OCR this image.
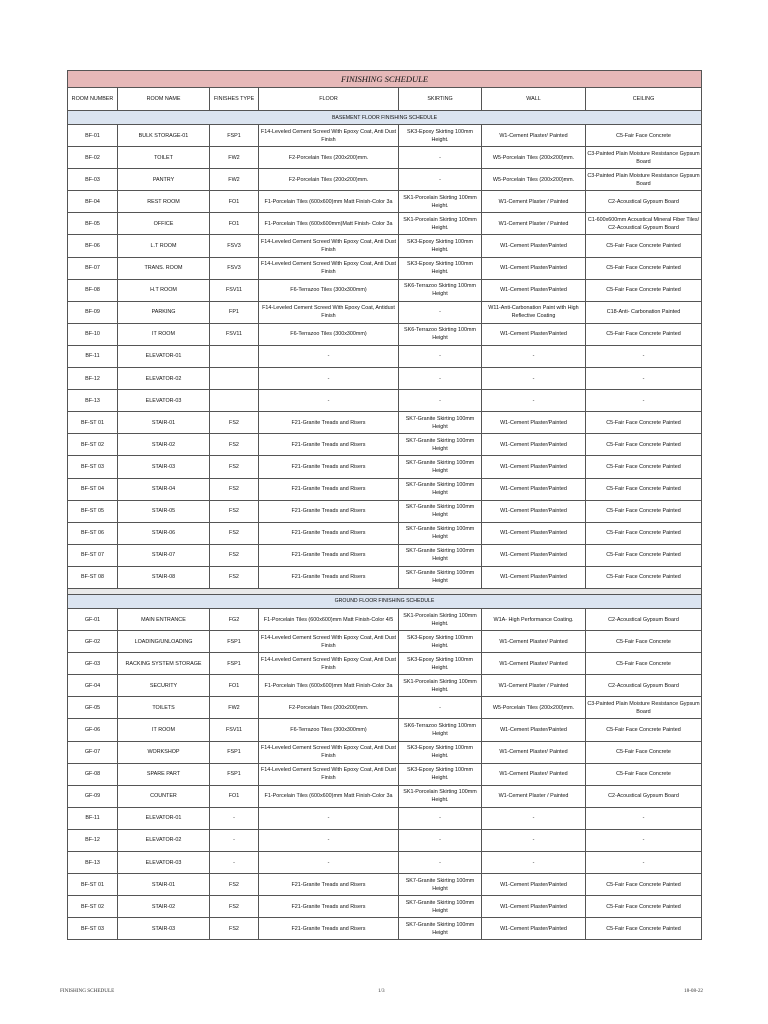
FINISHING SCHEDULE						
ROOM NUMBER	ROOM NAME	FINISHES TYPE	FLOOR	SKIRTING	WALL	CEILING
BASEMENT FLOOR FINISHING SCHEDULE						
BF-01	BULK STORAGE-01	FSP1	F14-Leveled Cement Screed With Epoxy Coat, Anti Dust Finish	SK3-Epoxy Skirting 100mm Height.	W1-Cement Plaster/ Painted	C5-Fair Face Concrete
BF-02	TOILET	FW2	F2-Porcelain Tiles (200x200)mm.	-	W5-Porcelain Tiles (200x200)mm.	C3-Painted Plain Moisture Resistance Gypsum Board
BF-03	PANTRY	FW2	F2-Porcelain Tiles (200x200)mm.	-	W5-Porcelain Tiles (200x200)mm.	C3-Painted Plain Moisture Resistance Gypsum Board
BF-04	REST ROOM	FO1	F1-Porcelain Tiles (600x600)mm Matt Finish-Color 3a	SK1-Porcelain Skirting 100mm Height.	W1-Cement Plaster / Painted	C2-Acoustical Gypsum Board
BF-05	OFFICE	FO1	F1-Porcelain Tiles (600x600mm)Matt Finish- Color 3a	SK1-Porcelain Skirting 100mm Height.	W1-Cement Plaster / Painted	C1-600x600mm Acoustical Mineral Fiber Tiles/ C2-Acoustical Gypsum Board
BF-06	L.T ROOM	FSV3	F14-Leveled Cement Screed With Epoxy Coat, Anti Dust Finish	SK3-Epoxy Skirting 100mm Height.	W1-Cement Plaster/Painted	C5-Fair Face Concrete Painted
BF-07	TRANS. ROOM	FSV3	F14-Leveled Cement Screed With Epoxy Coat, Anti Dust Finish	SK3-Epoxy Skirting 100mm Height.	W1-Cement Plaster/Painted	C5-Fair Face Concrete Painted
BF-08	H.T ROOM	FSV11	F6-Terrazoo Tiles (300x300mm)	SK6-Terrazoo Skirting 100mm Height	W1-Cement Plaster/Painted	C5-Fair Face Concrete Painted
BF-09	PARKING	FP1	F14-Leveled Cement Screed With Epoxy Coat, Antidust Finish	-	W11-Anti-Carbonation Paint with High Reflective Coating	C18-Anti- Carbonation Painted
BF-10	IT ROOM	FSV11	F6-Terrazoo Tiles (300x300mm)	SK6-Terrazoo Skirting 100mm Height	W1-Cement Plaster/Painted	C5-Fair Face Concrete Painted
BF-11	ELEVATOR-01		-	-	-	-
BF-12	ELEVATOR-02		-	-	-	-
BF-13	ELEVATOR-03		-	-	-	-
BF-ST 01	STAIR-01	FS2	F21-Granite Treads and Risers	SK7-Granite Skirting 100mm Height	W1-Cement Plaster/Painted	C5-Fair Face Concrete Painted
BF-ST 02	STAIR-02	FS2	F21-Granite Treads and Risers	SK7-Granite Skirting 100mm Height	W1-Cement Plaster/Painted	C5-Fair Face Concrete Painted
BF-ST 03	STAIR-03	FS2	F21-Granite Treads and Risers	SK7-Granite Skirting 100mm Height	W1-Cement Plaster/Painted	C5-Fair Face Concrete Painted
BF-ST 04	STAIR-04	FS2	F21-Granite Treads and Risers	SK7-Granite Skirting 100mm Height	W1-Cement Plaster/Painted	C5-Fair Face Concrete Painted
BF-ST 05	STAIR-05	FS2	F21-Granite Treads and Risers	SK7-Granite Skirting 100mm Height	W1-Cement Plaster/Painted	C5-Fair Face Concrete Painted
BF-ST 06	STAIR-06	FS2	F21-Granite Treads and Risers	SK7-Granite Skirting 100mm Height	W1-Cement Plaster/Painted	C5-Fair Face Concrete Painted
BF-ST 07	STAIR-07	FS2	F21-Granite Treads and Risers	SK7-Granite Skirting 100mm Height	W1-Cement Plaster/Painted	C5-Fair Face Concrete Painted
BF-ST 08	STAIR-08	FS2	F21-Granite Treads and Risers	SK7-Granite Skirting 100mm Height	W1-Cement Plaster/Painted	C5-Fair Face Concrete Painted

GROUND FLOOR FINISHING SCHEDULE						
GF-01	MAIN ENTRANCE	FG2	F1-Porcelain Tiles (600x600)mm Matt Finish-Color 4/5	SK1-Porcelain Skirting 100mm Height.	W1A- High Performance Coating.	C2-Acoustical Gypsum Board
GF-02	LOADING/UNLOADING	FSP1	F14-Leveled Cement Screed With Epoxy Coat, Anti Dust Finish	SK3-Epoxy Skirting 100mm Height.	W1-Cement Plaster/ Painted	C5-Fair Face Concrete
GF-03	RACKING SYSTEM STORAGE	FSP1	F14-Leveled Cement Screed With Epoxy Coat, Anti Dust Finish	SK3-Epoxy Skirting 100mm Height.	W1-Cement Plaster/ Painted	C5-Fair Face Concrete
GF-04	SECURITY	FO1	F1-Porcelain Tiles (600x600)mm Matt Finish-Color 3a	SK1-Porcelain Skirting 100mm Height.	W1-Cement Plaster / Painted	C2-Acoustical Gypsum Board
GF-05	TOILETS	FW2	F2-Porcelain Tiles (200x200)mm.	-	W5-Porcelain Tiles (200x200)mm.	C3-Painted Plain Moisture Resistance Gypsum Board
GF-06	IT ROOM	FSV11	F6-Terrazoo Tiles (300x300mm)	SK6-Terrazoo Skirting 100mm Height	W1-Cement Plaster/Painted	C5-Fair Face Concrete Painted
GF-07	WORKSHOP	FSP1	F14-Leveled Cement Screed With Epoxy Coat, Anti Dust Finish	SK3-Epoxy Skirting 100mm Height.	W1-Cement Plaster/ Painted	C5-Fair Face Concrete
GF-08	SPARE PART	FSP1	F14-Leveled Cement Screed With Epoxy Coat, Anti Dust Finish	SK3-Epoxy Skirting 100mm Height.	W1-Cement Plaster/ Painted	C5-Fair Face Concrete
GF-09	COUNTER	FO1	F1-Porcelain Tiles (600x600)mm Matt Finish-Color 3a	SK1-Porcelain Skirting 100mm Height.	W1-Cement Plaster / Painted	C2-Acoustical Gypsum Board
BF-11	ELEVATOR-01	-	-	-	-	-
BF-12	ELEVATOR-02	-	-	-	-	-
BF-13	ELEVATOR-03	-	-	-	-	-
BF-ST 01	STAIR-01	FS2	F21-Granite Treads and Risers	SK7-Granite Skirting 100mm Height	W1-Cement Plaster/Painted	C5-Fair Face Concrete Painted
BF-ST 02	STAIR-02	FS2	F21-Granite Treads and Risers	SK7-Granite Skirting 100mm Height	W1-Cement Plaster/Painted	C5-Fair Face Concrete Painted
BF-ST 03	STAIR-03	FS2	F21-Granite Treads and Risers	SK7-Granite Skirting 100mm Height	W1-Cement Plaster/Painted	C5-Fair Face Concrete Painted
FINISHING SCHEDULE	1/3	18-08-22
